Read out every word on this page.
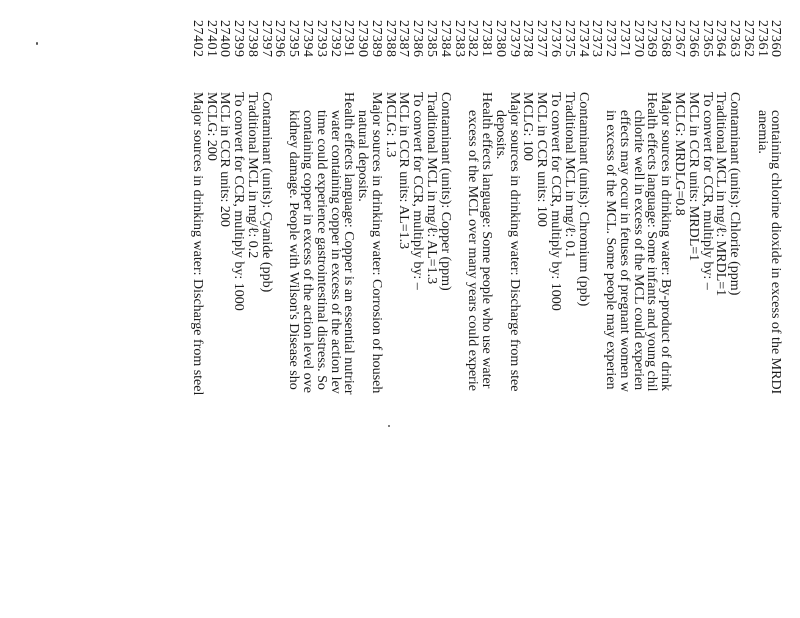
27360
containing chlorine dioxide in excess of the MRDI
27361
anemia.
27362
27363
Contaminant (units): Chlorite (ppm)
27364
Traditional MCL in mg/ℓ: MRDL=1
27365
To convert for CCR, multiply by: –
27366
MCL in CCR units: MRDL=1
27367
MCLG: MRDLG=0.8
27368
Major sources in drinking water: By-product of drink
27369
Health effects language: Some infants and young chil
27370
chlorite well in excess of the MCL could experien
27371
effects may occur in fetuses of pregnant women w
27372
in excess of the MCL. Some people may experien
27373
27374
Contaminant (units): Chromium (ppb)
27375
Traditional MCL in mg/ℓ: 0.1
27376
To convert for CCR, multiply by: 1000
27377
MCL in CCR units: 100
27378
MCLG: 100
27379
Major sources in drinking water: Discharge from stee
27380
deposits.
27381
Health effects language: Some people who use water
27382
excess of the MCL over many years could experie
27383
27384
Contaminant (units): Copper (ppm)
27385
Traditional MCL in mg/ℓ: AL=1.3
27386
To convert for CCR, multiply by: –
27387
MCL in CCR units: AL=1.3
27388
MCLG: 1.3
27389
Major sources in drinking water: Corrosion of househ
27390
natural deposits.
27391
Health effects language: Copper is an essential nutrier
27392
water containing copper in excess of the action lev
27393
time could experience gastrointestinal distress. So
27394
containing copper in excess of the action level ove
27395
kidney damage. People with Wilson's Disease sho
27396
27397
Contaminant (units): Cyanide (ppb)
27398
Traditional MCL in mg/ℓ: 0.2
27399
To convert for CCR, multiply by: 1000
27400
MCL in CCR units: 200
27401
MCLG: 200
27402
Major sources in drinking water: Discharge from steel
